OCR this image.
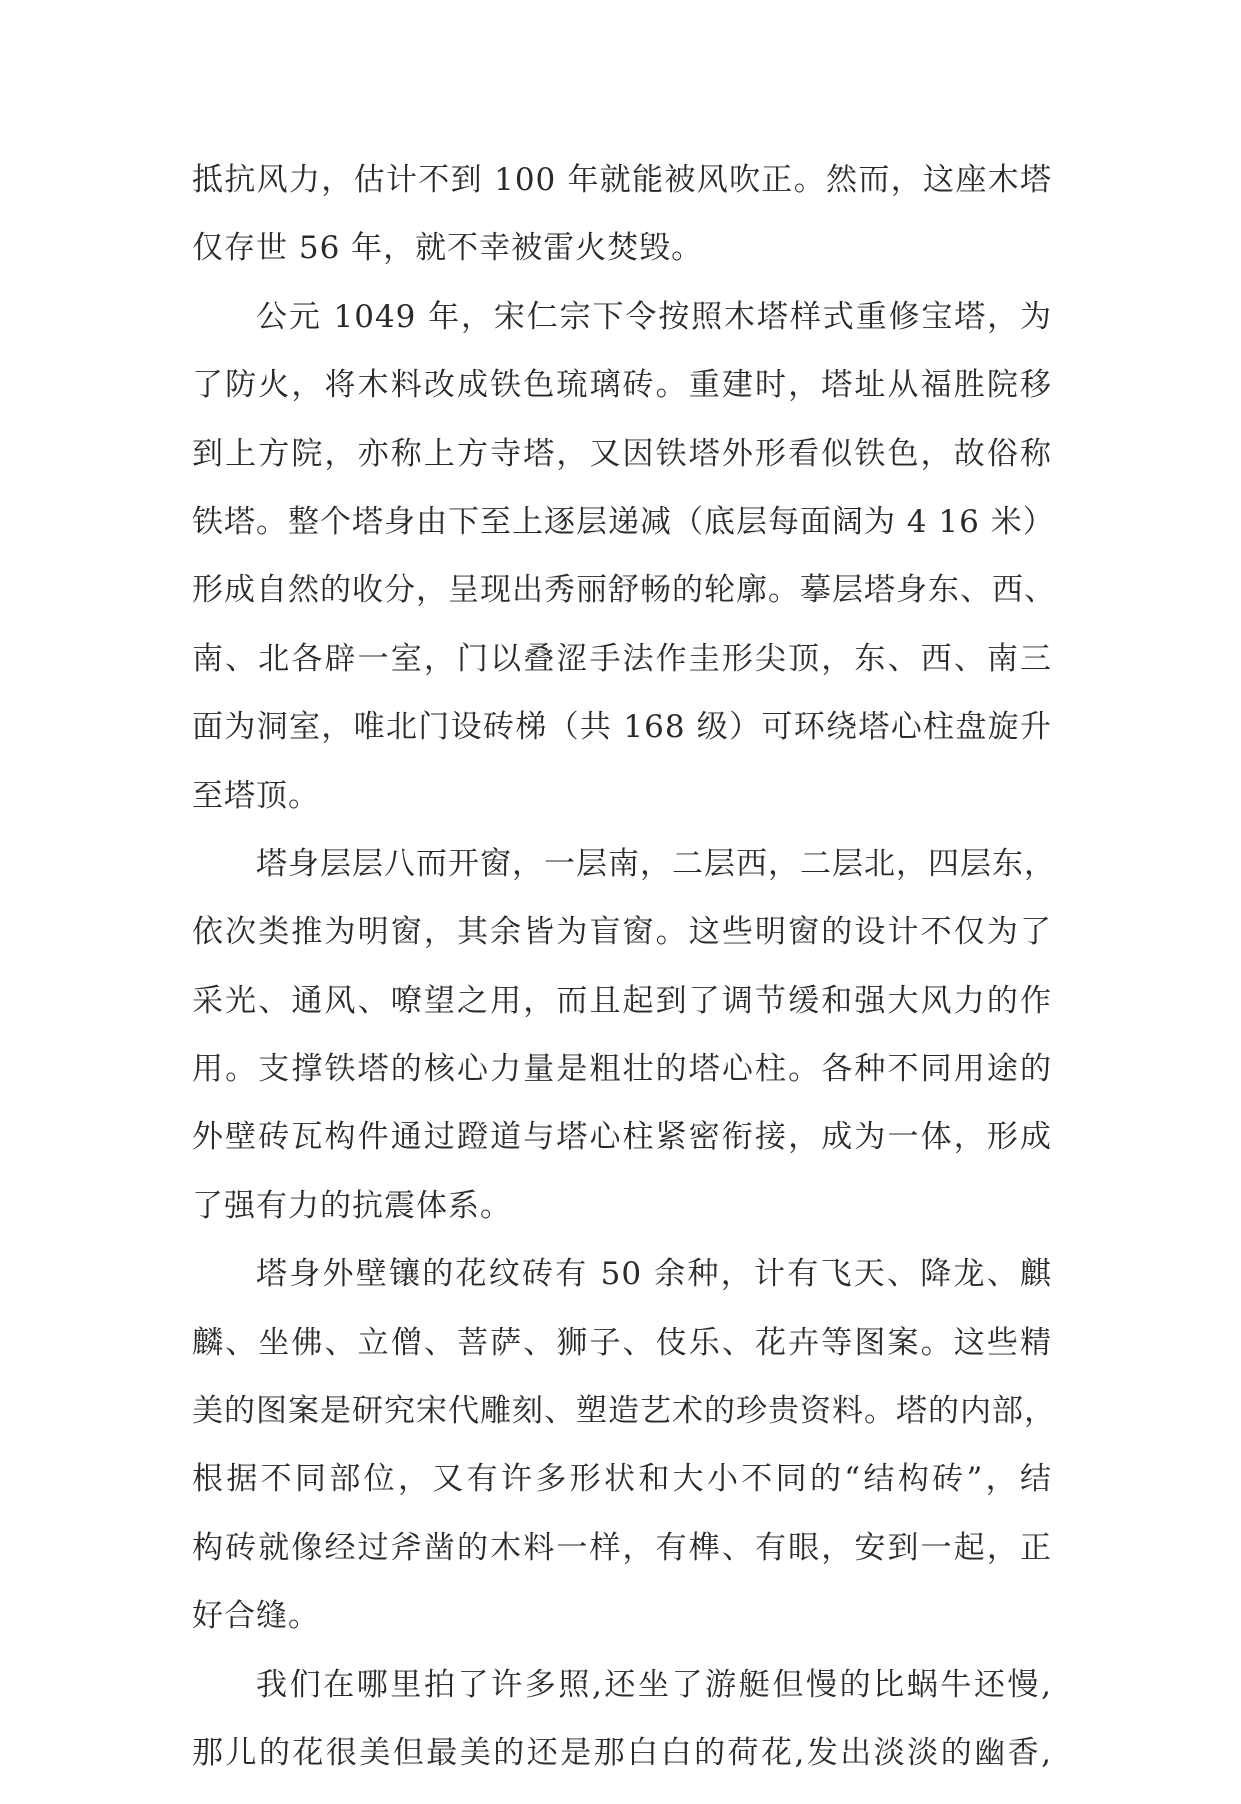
抵抗风力，估计不到 100 年就能被风吹正。然而，这座木塔
仅存世 56 年，就不幸被雷火焚毁。
公元 1049 年，宋仁宗下令按照木塔样式重修宝塔，为
了防火，将木料改成铁色琉璃砖。重建时，塔址从福胜院移
到上方院，亦称上方寺塔，又因铁塔外形看似铁色，故俗称
铁塔。整个塔身由下至上逐层递减（底层每面阔为 4 16 米）
形成自然的收分，呈现出秀丽舒畅的轮廓。摹层塔身东、西、
南、北各辟一室，门以叠涩手法作圭形尖顶，东、西、南三
面为洞室，唯北门设砖梯（共 168 级）可环绕塔心柱盘旋升
至塔顶。
塔身层层八而开窗，一层南，二层西，二层北，四层东，
依次类推为明窗，其余皆为盲窗。这些明窗的设计不仅为了
采光、通风、嘹望之用，而且起到了调节缓和强大风力的作
用。支撑铁塔的核心力量是粗壮的塔心柱。各种不同用途的
外壁砖瓦构件通过蹬道与塔心柱紧密衔接，成为一体，形成
了强有力的抗震体系。
塔身外壁镶的花纹砖有 50 余种，计有飞天、降龙、麒
麟、坐佛、立僧、菩萨、狮子、伎乐、花卉等图案。这些精
美的图案是研究宋代雕刻、塑造艺术的珍贵资料。塔的内部，
根据不同部位，又有许多形状和大小不同的“结构砖”，结
构砖就像经过斧凿的木料一样，有榫、有眼，安到一起，正
好合缝。
我们在哪里拍了许多照,还坐了游艇但慢的比蜗牛还慢,
那儿的花很美但最美的还是那白白的荷花,发出淡淡的幽香,
